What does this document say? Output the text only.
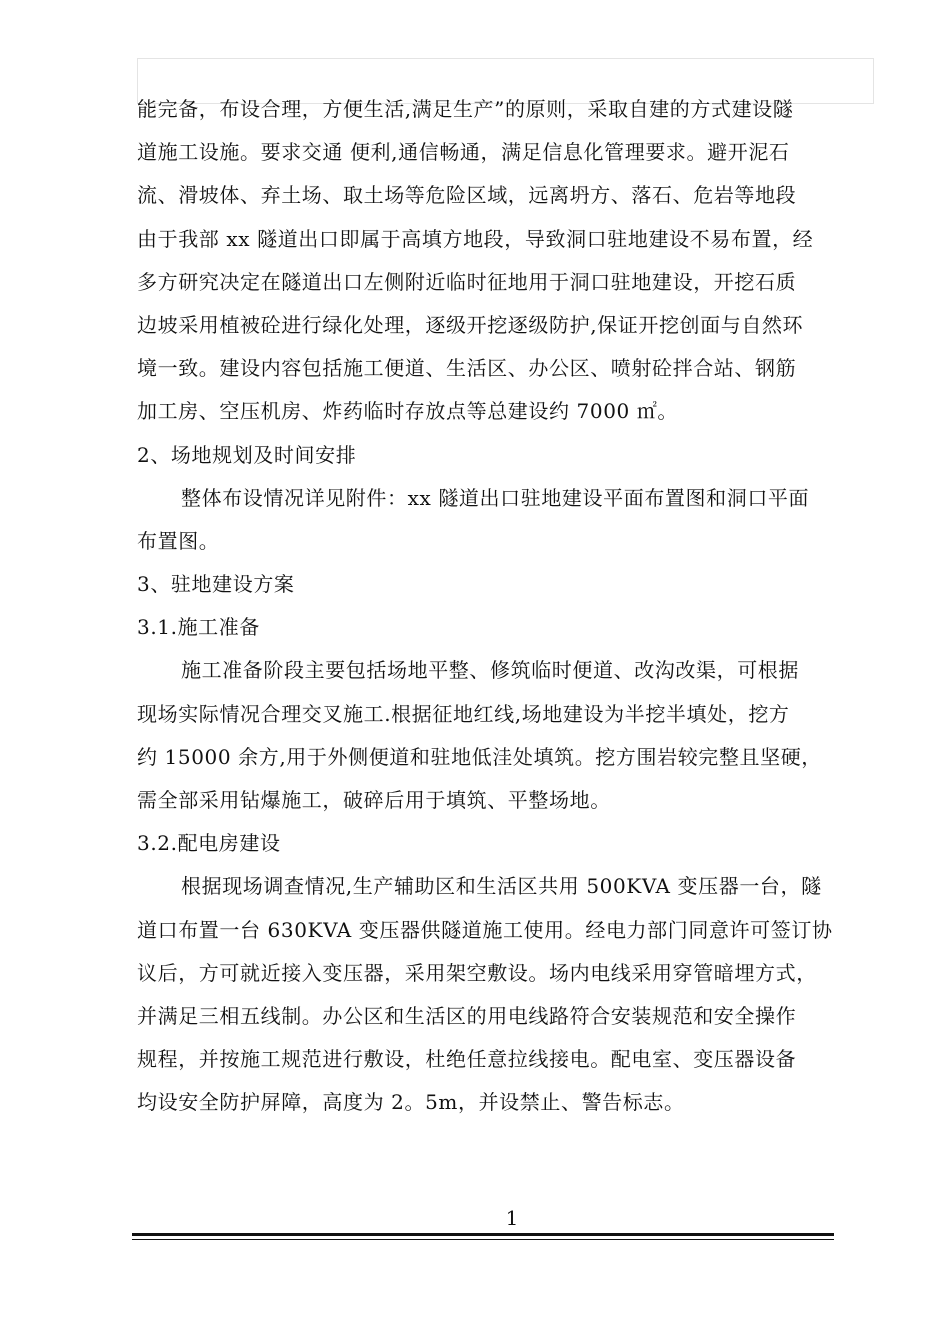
能完备，布设合理，方便生活,满足生产”的原则，采取自建的方式建设隧
道施工设施。要求交通 便利,通信畅通，满足信息化管理要求。避开泥石
流、滑坡体、弃土场、取土场等危险区域，远离坍方、落石、危岩等地段
由于我部 xx 隧道出口即属于高填方地段，导致洞口驻地建设不易布置，经
多方研究决定在隧道出口左侧附近临时征地用于洞口驻地建设，开挖石质
边坡采用植被砼进行绿化处理，逐级开挖逐级防护,保证开挖创面与自然环
境一致。建设内容包括施工便道、生活区、办公区、喷射砼拌合站、钢筋
加工房、空压机房、炸药临时存放点等总建设约 7000 ㎡。
2、场地规划及时间安排
整体布设情况详见附件：xx 隧道出口驻地建设平面布置图和洞口平面
布置图。
3、驻地建设方案
3.1.施工准备
施工准备阶段主要包括场地平整、修筑临时便道、改沟改渠，可根据
现场实际情况合理交叉施工.根据征地红线,场地建设为半挖半填处，挖方
约 15000 余方,用于外侧便道和驻地低洼处填筑。挖方围岩较完整且坚硬，
需全部采用钻爆施工，破碎后用于填筑、平整场地。
3.2.配电房建设
根据现场调查情况,生产辅助区和生活区共用 500KVA 变压器一台，隧
道口布置一台 630KVA 变压器供隧道施工使用。经电力部门同意许可签订协
议后，方可就近接入变压器，采用架空敷设。场内电线采用穿管暗埋方式，
并满足三相五线制。办公区和生活区的用电线路符合安装规范和安全操作
规程，并按施工规范进行敷设，杜绝任意拉线接电。配电室、变压器设备
均设安全防护屏障，高度为 2。5m，并设禁止、警告标志。
1
